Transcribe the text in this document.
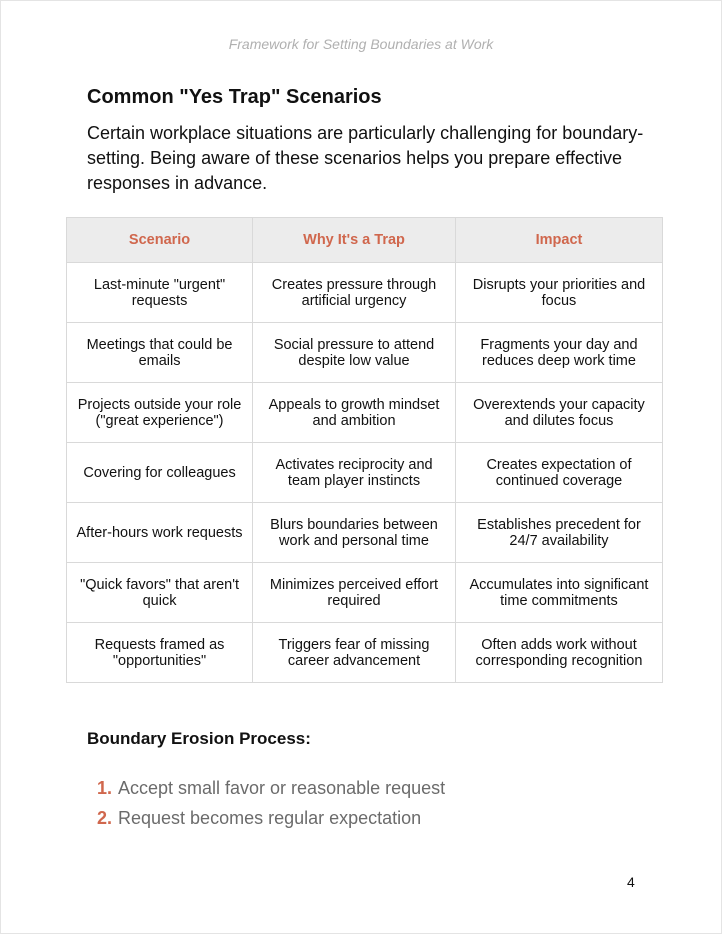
Framework for Setting Boundaries at Work
Common "Yes Trap" Scenarios

Certain workplace situations are particularly challenging for boundary-setting. Being aware of these scenarios helps you prepare effective responses in advance.

Scenario	Why It's a Trap	Impact
Last-minute "urgent" requests	Creates pressure through artificial urgency	Disrupts your priorities and focus
Meetings that could be emails	Social pressure to attend despite low value	Fragments your day and reduces deep work time
Projects outside your role ("great experience")	Appeals to growth mindset and ambition	Overextends your capacity and dilutes focus
Covering for colleagues	Activates reciprocity and team player instincts	Creates expectation of continued coverage
After-hours work requests	Blurs boundaries between work and personal time	Establishes precedent for 24/7 availability
"Quick favors" that aren't quick	Minimizes perceived effort required	Accumulates into significant time commitments
Requests framed as "opportunities"	Triggers fear of missing career advancement	Often adds work without corresponding recognition
Boundary Erosion Process:
1. Accept small favor or reasonable request
2. Request becomes regular expectation
4
